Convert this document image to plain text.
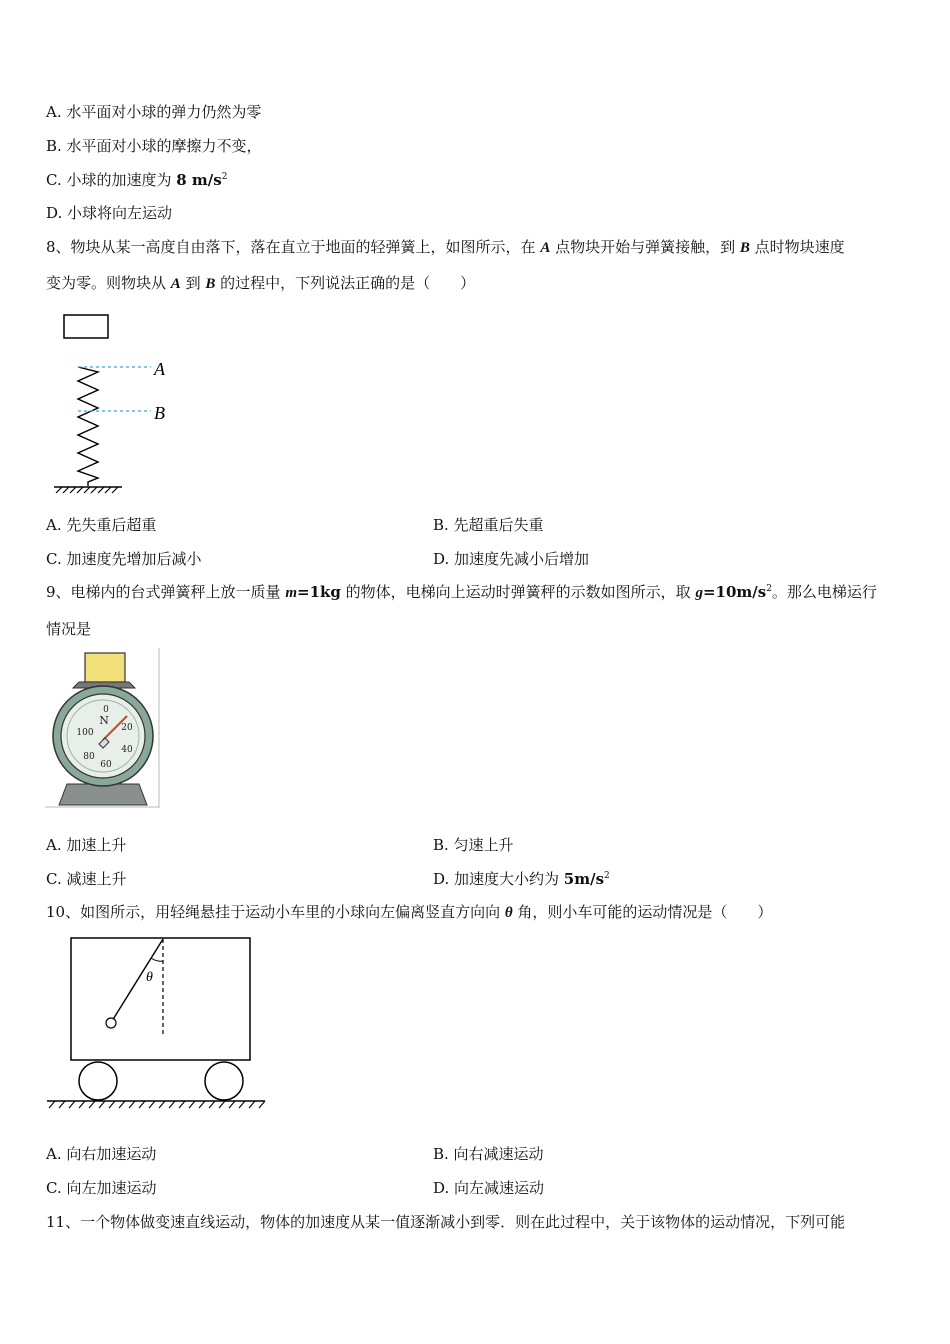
A. 水平面对小球的弹力仍然为零
B. 水平面对小球的摩擦力不变，
C. 小球的加速度为 8 $m/s^2$
D. 小球将向左运动
8、物块从某一高度自由落下，落在直立于地面的轻弹簧上，如图所示，在 A 点物块开始与弹簧接触，到 B 点时物块速度
变为零。则物块从 A 到 B 的过程中，下列说法正确的是（　　）
A
B
A. 先失重后超重	B. 先超重后失重
C. 加速度先增加后减小	D. 加速度先减小后增加
9、电梯内的台式弹簧秤上放一质量 m=1kg 的物体，电梯向上运动时弹簧秤的示数如图所示，取 $g=10m/s^2$。那么电梯运行
情况是
0
N
20
40
60
80
100
A. 加速上升	B. 匀速上升
C. 减速上升	D. 加速度大小约为 $5m/s^2$
10、如图所示，用轻绳悬挂于运动小车里的小球向左偏离竖直方向向 θ 角，则小车可能的运动情况是（　　）
θ
A. 向右加速运动	B. 向右减速运动
C. 向左加速运动	D. 向左减速运动
11、一个物体做变速直线运动，物体的加速度从某一值逐渐减小到零．则在此过程中，关于该物体的运动情况，下列可能
